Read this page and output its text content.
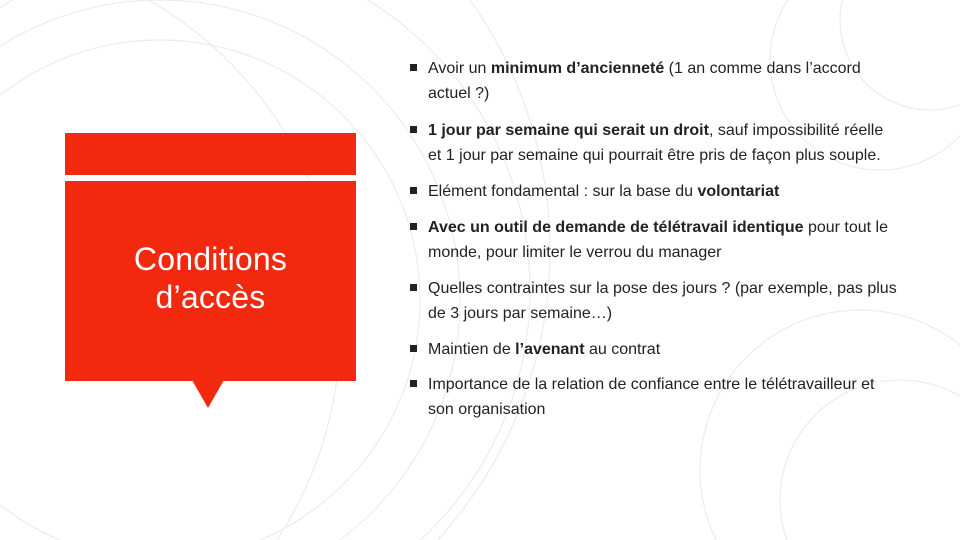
Conditions
d’accès
Avoir un minimum d’ancienneté (1 an comme dans l’accord actuel ?)
1 jour par semaine qui serait un droit, sauf impossibilité réelle et 1 jour par semaine qui pourrait être pris de façon plus souple.
Elément fondamental : sur la base du volontariat
Avec un outil de demande de télétravail identique pour tout le monde, pour limiter le verrou du manager
Quelles contraintes sur la pose des jours ? (par exemple, pas plus de 3 jours par semaine…)
Maintien de l’avenant au contrat
Importance de la relation de confiance entre le télétravailleur et son organisation
